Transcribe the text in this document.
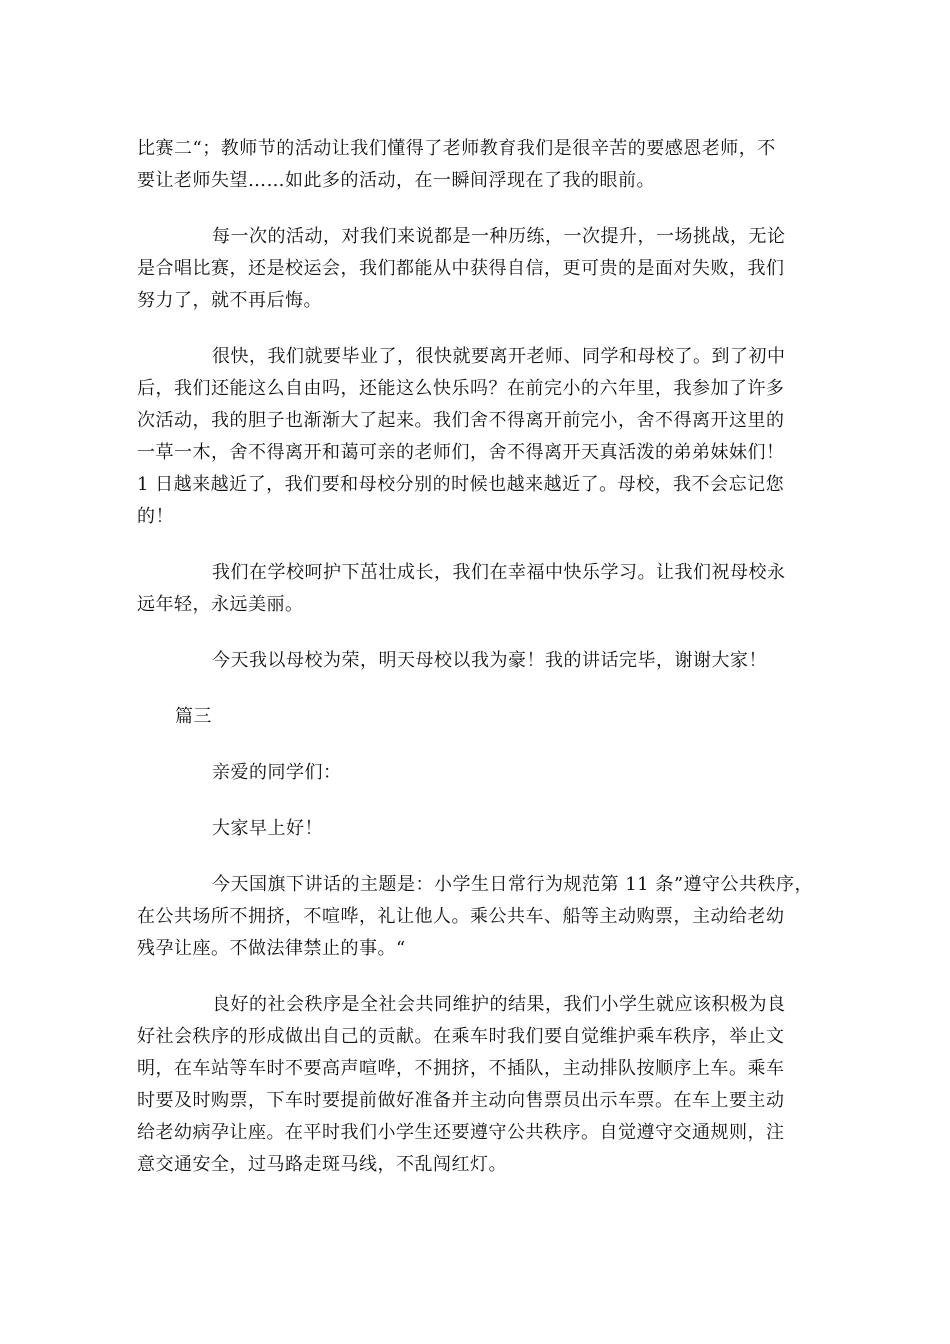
比赛二“；教师节的活动让我们懂得了老师教育我们是很辛苦的要感恩老师，不
要让老师失望……如此多的活动，在一瞬间浮现在了我的眼前。

每一次的活动，对我们来说都是一种历练，一次提升，一场挑战，无论
是合唱比赛，还是校运会，我们都能从中获得自信，更可贵的是面对失败，我们
努力了，就不再后悔。

很快，我们就要毕业了，很快就要离开老师、同学和母校了。到了初中
后，我们还能这么自由吗，还能这么快乐吗？在前完小的六年里，我参加了许多
次活动，我的胆子也渐渐大了起来。我们舍不得离开前完小，舍不得离开这里的
一草一木，舍不得离开和蔼可亲的老师们，舍不得离开天真活泼的弟弟妹妹们！
1 日越来越近了，我们要和母校分别的时候也越来越近了。母校，我不会忘记您
的！

我们在学校呵护下茁壮成长，我们在幸福中快乐学习。让我们祝母校永
远年轻，永远美丽。

今天我以母校为荣，明天母校以我为豪！我的讲话完毕，谢谢大家！

篇三

亲爱的同学们：

大家早上好！

今天国旗下讲话的主题是：小学生日常行为规范第 11 条”遵守公共秩序，
在公共场所不拥挤，不喧哗，礼让他人。乘公共车、船等主动购票，主动给老幼
残孕让座。不做法律禁止的事。“

良好的社会秩序是全社会共同维护的结果，我们小学生就应该积极为良
好社会秩序的形成做出自己的贡献。在乘车时我们要自觉维护乘车秩序，举止文
明，在车站等车时不要高声喧哗，不拥挤，不插队，主动排队按顺序上车。乘车
时要及时购票，下车时要提前做好准备并主动向售票员出示车票。在车上要主动
给老幼病孕让座。在平时我们小学生还要遵守公共秩序。自觉遵守交通规则，注
意交通安全，过马路走斑马线，不乱闯红灯。
